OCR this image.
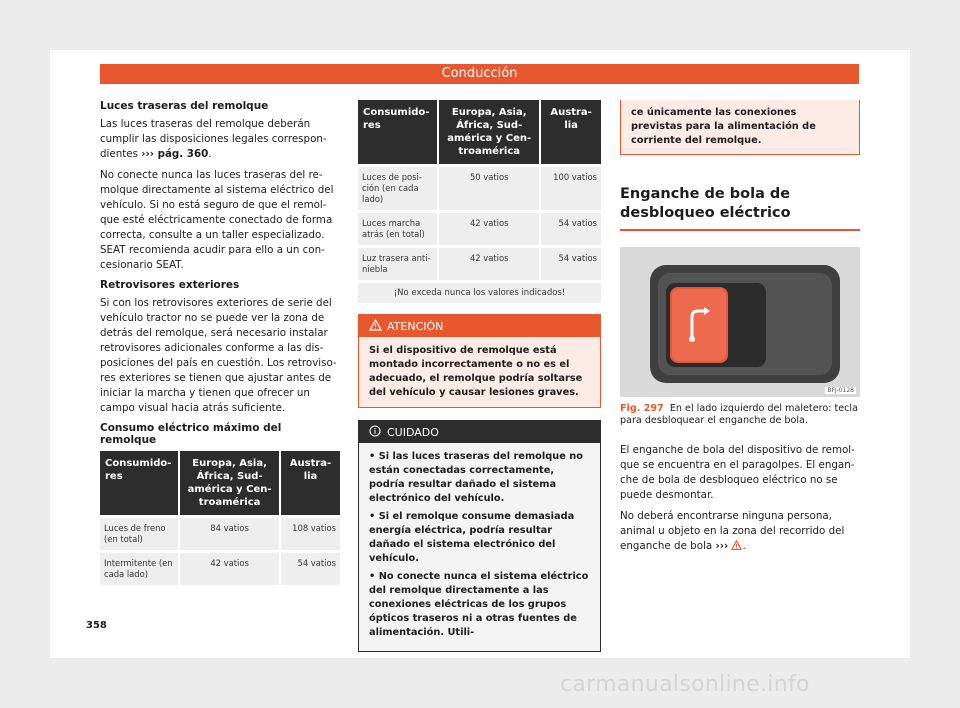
Conducción
Luces traseras del remolque

Las luces traseras del remolque deberán cumplir las disposiciones legales correspondientes ››› pág. 360.

No conecte nunca las luces traseras del remolque directamente al sistema eléctrico del vehículo. Si no está seguro de que el remolque esté eléctricamente conectado de forma correcta, consulte a un taller especializado. SEAT recomienda acudir para ello a un concesionario SEAT.

Retrovisores exteriores

Si con los retrovisores exteriores de serie del vehículo tractor no se puede ver la zona de detrás del remolque, será necesario instalar retrovisores adicionales conforme a las disposiciones del país en cuestión. Los retrovisores exteriores se tienen que ajustar antes de iniciar la marcha y tienen que ofrecer un campo visual hacia atrás suficiente.

Consumo eléctrico máximo del remolque
Consumidores	Europa, Asia, África, Sudamérica y Centroamérica	Australia
Luces de freno (en total)	84 vatios	108 vatios
Intermitente (en cada lado)	42 vatios	54 vatios
Consumidores	Europa, Asia, África, Sudamérica y Centroamérica	Australia
Luces de posición (en cada lado)	50 vatios	100 vatios
Luces marcha atrás (en total)	42 vatios	54 vatios
Luz trasera antiniebla	42 vatios	54 vatios
¡No exceda nunca los valores indicados!
ATENCIÓN
Si el dispositivo de remolque está montado incorrectamente o no es el adecuado, el remolque podría soltarse del vehículo y causar lesiones graves.
CUIDADO
• Si las luces traseras del remolque no están conectadas correctamente, podría resultar dañado el sistema electrónico del vehículo.
• Si el remolque consume demasiada energía eléctrica, podría resultar dañado el sistema electrónico del vehículo.
• No conecte nunca el sistema eléctrico del remolque directamente a las conexiones eléctricas de los grupos ópticos traseros ni a otras fuentes de alimentación. Utili-
ce únicamente las conexiones previstas para la alimentación de corriente del remolque.
Enganche de bola de desbloqueo eléctrico
BFJ-0128
Fig. 297 En el lado izquierdo del maletero: tecla para desbloquear el enganche de bola.

El enganche de bola del dispositivo de remolque se encuentra en el paragolpes. El enganche de bola de desbloqueo eléctrico no se puede desmontar.

No deberá encontrarse ninguna persona, animal u objeto en la zona del recorrido del enganche de bola ››› .

358
carmanualsonline.info
